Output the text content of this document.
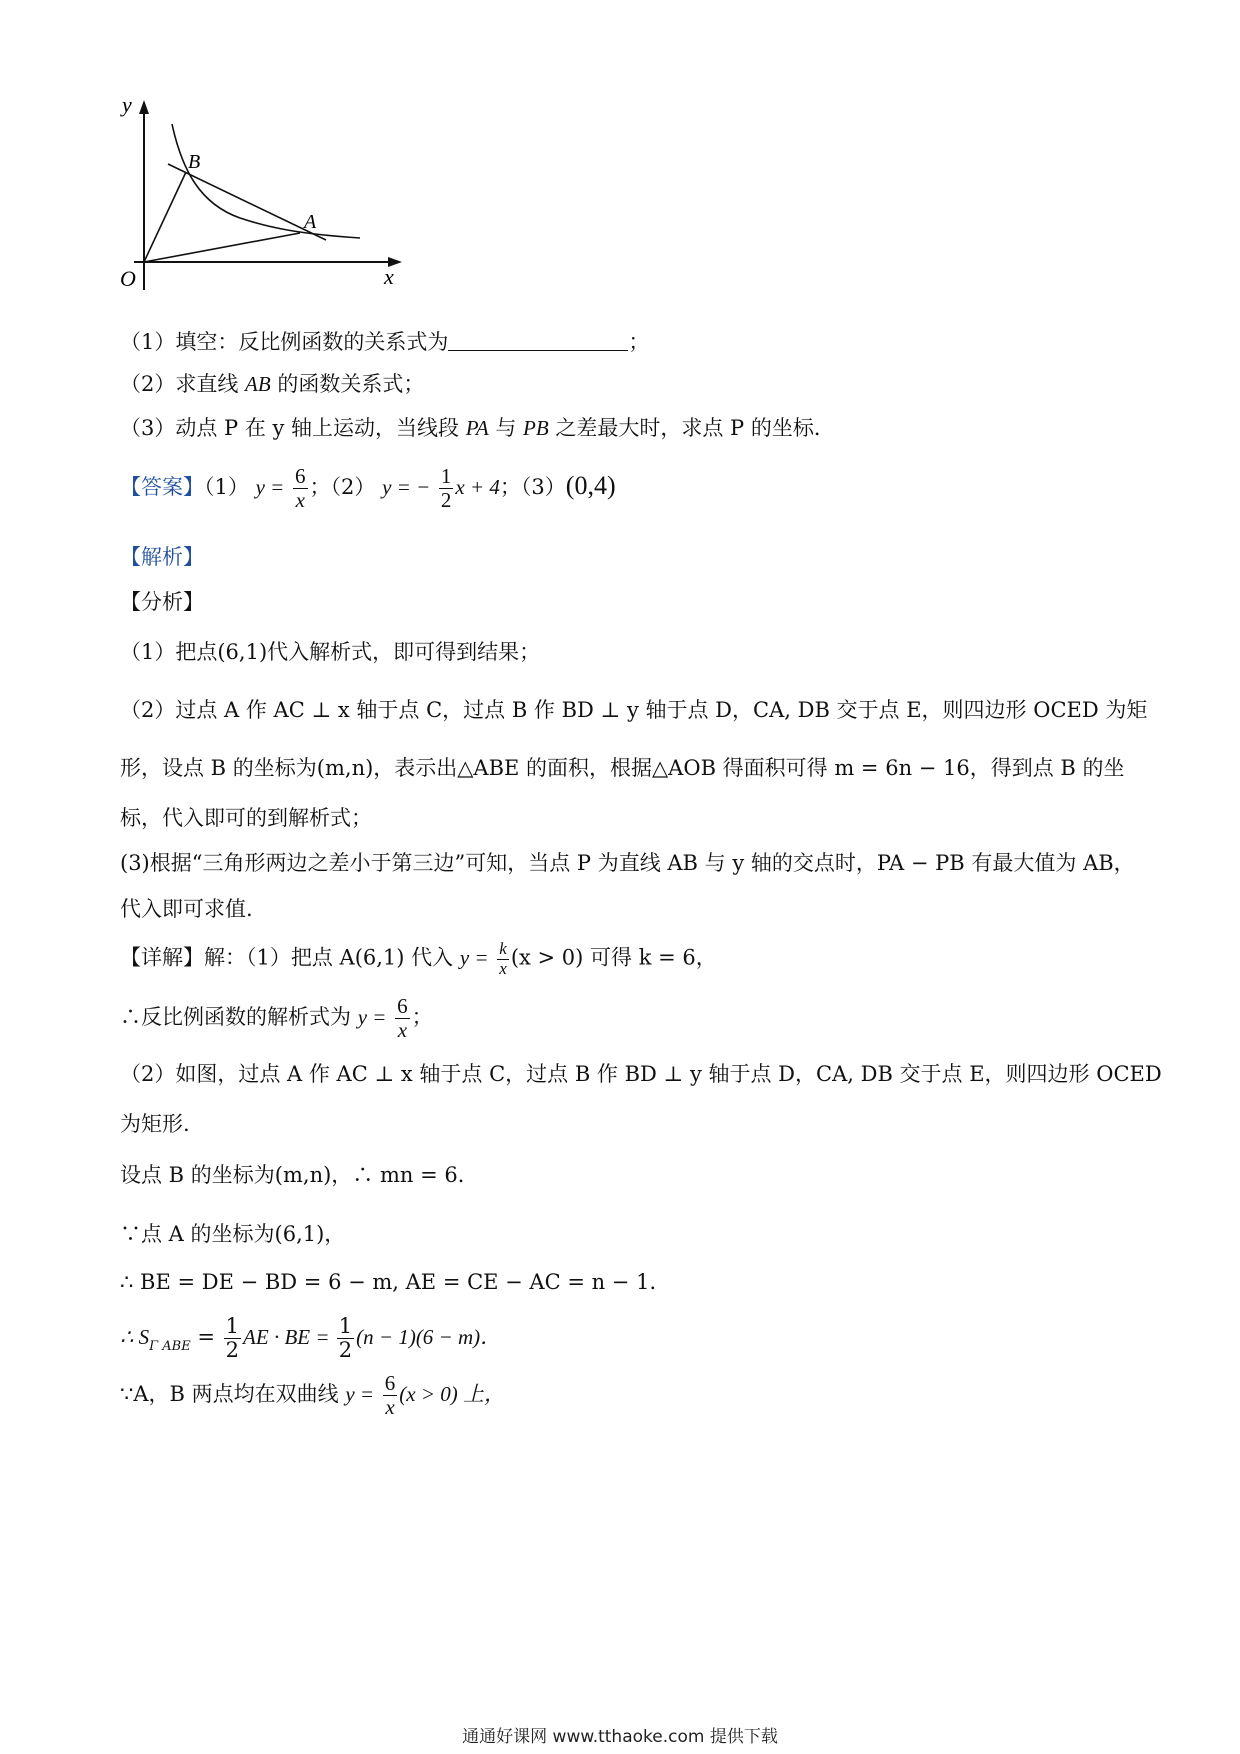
y
x
O
B
A
（1）填空：反比例函数的关系式为	；
（2）求直线 AB 的函数关系式；
（3）动点 P 在 y 轴上运动，当线段 PA 与 PB 之差最大时，求点 P 的坐标．
【答案】（1） $y = \frac{6}{x}$ ；（2） y = − $\frac{1}{2}$ x + 4；（3）(0,4)
【解析】
【分析】
（1）把点(6,1)代入解析式，即可得到结果；
（2）过点 A 作 AC ⊥ x 轴于点 C，过点 B 作 BD ⊥ y 轴于点 D，CA, DB 交于点 E，则四边形 OCED 为矩
形，设点 B 的坐标为(m,n)，表示出△ABE 的面积，根据△AOB 得面积可得 m = 6n − 16，得到点 B 的坐
标，代入即可的到解析式；
(3)根据“三角形两边之差小于第三边”可知，当点 P 为直线 AB 与 y 轴的交点时，PA − PB 有最大值为 AB，
代入即可求值.
【详解】解：（1）把点 A(6,1) 代入 $y = \frac{k}{x} (x > 0)$ 可得 k = 6，
∴反比例函数的解析式为 $y = \frac{6}{x}$ ；
（2）如图，过点 A 作 AC ⊥ x 轴于点 C，过点 B 作 BD ⊥ y 轴于点 D，CA, DB 交于点 E，则四边形 OCED
为矩形.
设点 B 的坐标为(m,n)，∴ mn = 6．
∵点 A 的坐标为(6,1)，
∴ BE = DE − BD = 6 − m, AE = CE − AC = n − 1．
∴ $S_{\Gamma ABE} = \frac{1}{2}$ AE · BE = $\frac{1}{2} (n - 1)(6 - m)$．
∵A，B 两点均在双曲线 $y = \frac{6}{x} (x > 0)$ 上，
通通好课网 www.tthaoke.com 提供下载
